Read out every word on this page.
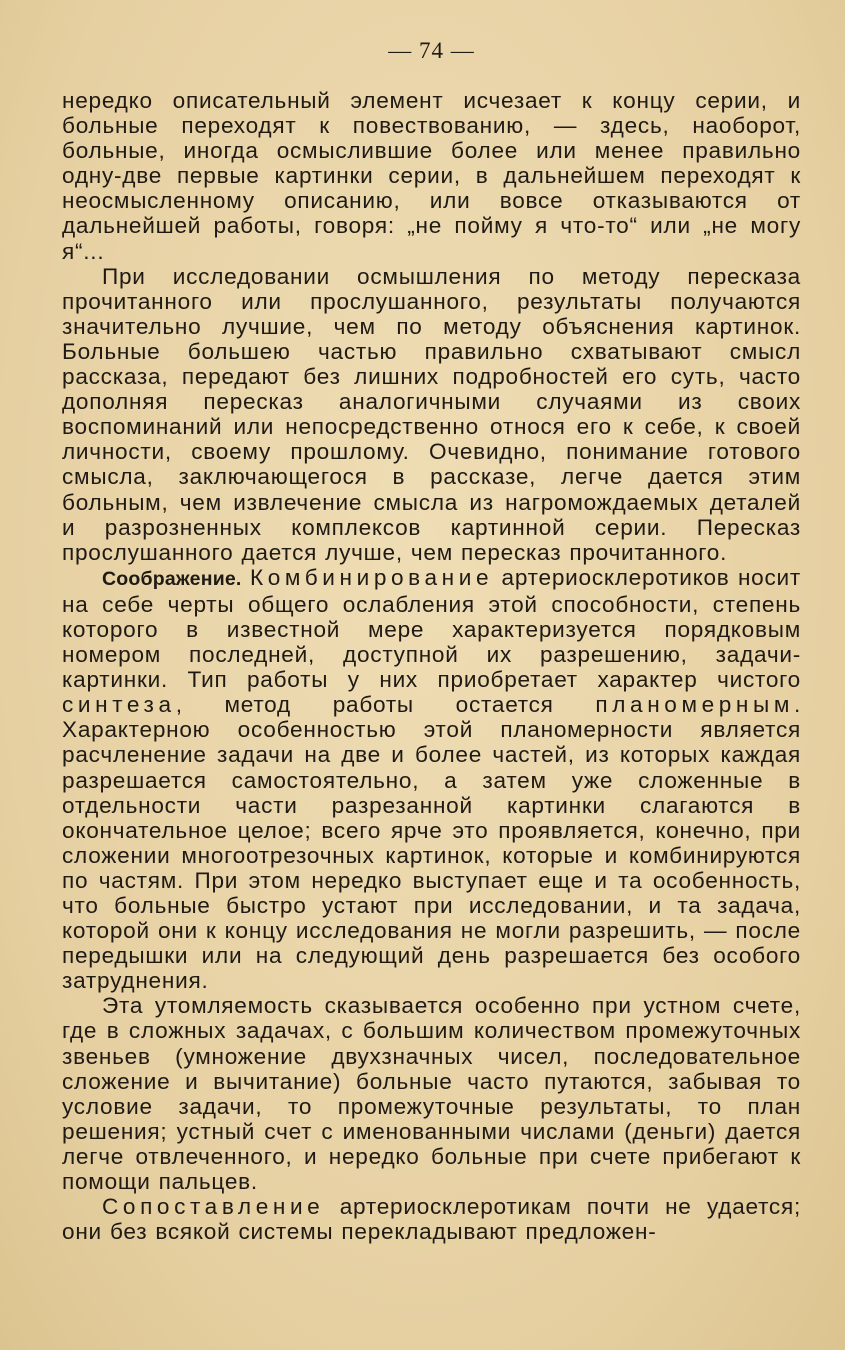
— 74 —

нередко описательный элемент исчезает к концу серии, и больные переходят к повествованию, — здесь, наоборот, больные, иногда осмыслившие более или менее правильно одну-две первые картинки серии, в дальнейшем переходят к неосмысленному описанию, или вовсе отказываются от дальнейшей работы, говоря: „не пойму я что-то“ или „не могу я“...

При исследовании осмышления по методу пересказа прочитанного или прослушанного, результаты получаются значительно лучшие, чем по методу объяснения картинок. Больные большею частью правильно схватывают смысл рассказа, передают без лишних подробностей его суть, часто дополняя пересказ аналогичными случаями из своих воспоминаний или непосредственно относя его к себе, к своей личности, своему прошлому. Очевидно, понимание готового смысла, заключающегося в рассказе, легче дается этим больным, чем извлечение смысла из нагромождаемых деталей и разрозненных комплексов картинной серии. Пересказ прослушанного дается лучше, чем пересказ прочитанного.

Соображение. Комбинирование артериосклеротиков носит на себе черты общего ослабления этой способности, степень которого в известной мере характеризуется порядковым номером последней, доступной их разрешению, задачи-картинки. Тип работы у них приобретает характер чистого синтеза, метод работы остается планомерным. Характерною особенностью этой планомерности является расчленение задачи на две и более частей, из которых каждая разрешается самостоятельно, а затем уже сложенные в отдельности части разрезанной картинки слагаются в окончательное целое; всего ярче это проявляется, конечно, при сложении многоотрезочных картинок, которые и комбинируются по частям. При этом нередко выступает еще и та особенность, что больные быстро устают при исследовании, и та задача, которой они к концу исследования не могли разрешить, — после передышки или на следующий день разрешается без особого затруднения.

Эта утомляемость сказывается особенно при устном счете, где в сложных задачах, с большим количеством промежуточных звеньев (умножение двухзначных чисел, последовательное сложение и вычитание) больные часто путаются, забывая то условие задачи, то промежуточные результаты, то план решения; устный счет с именованными числами (деньги) дается легче отвлеченного, и нередко больные при счете прибегают к помощи пальцев.

Сопоставление артериосклеротикам почти не удается; они без всякой системы перекладывают предложен-
